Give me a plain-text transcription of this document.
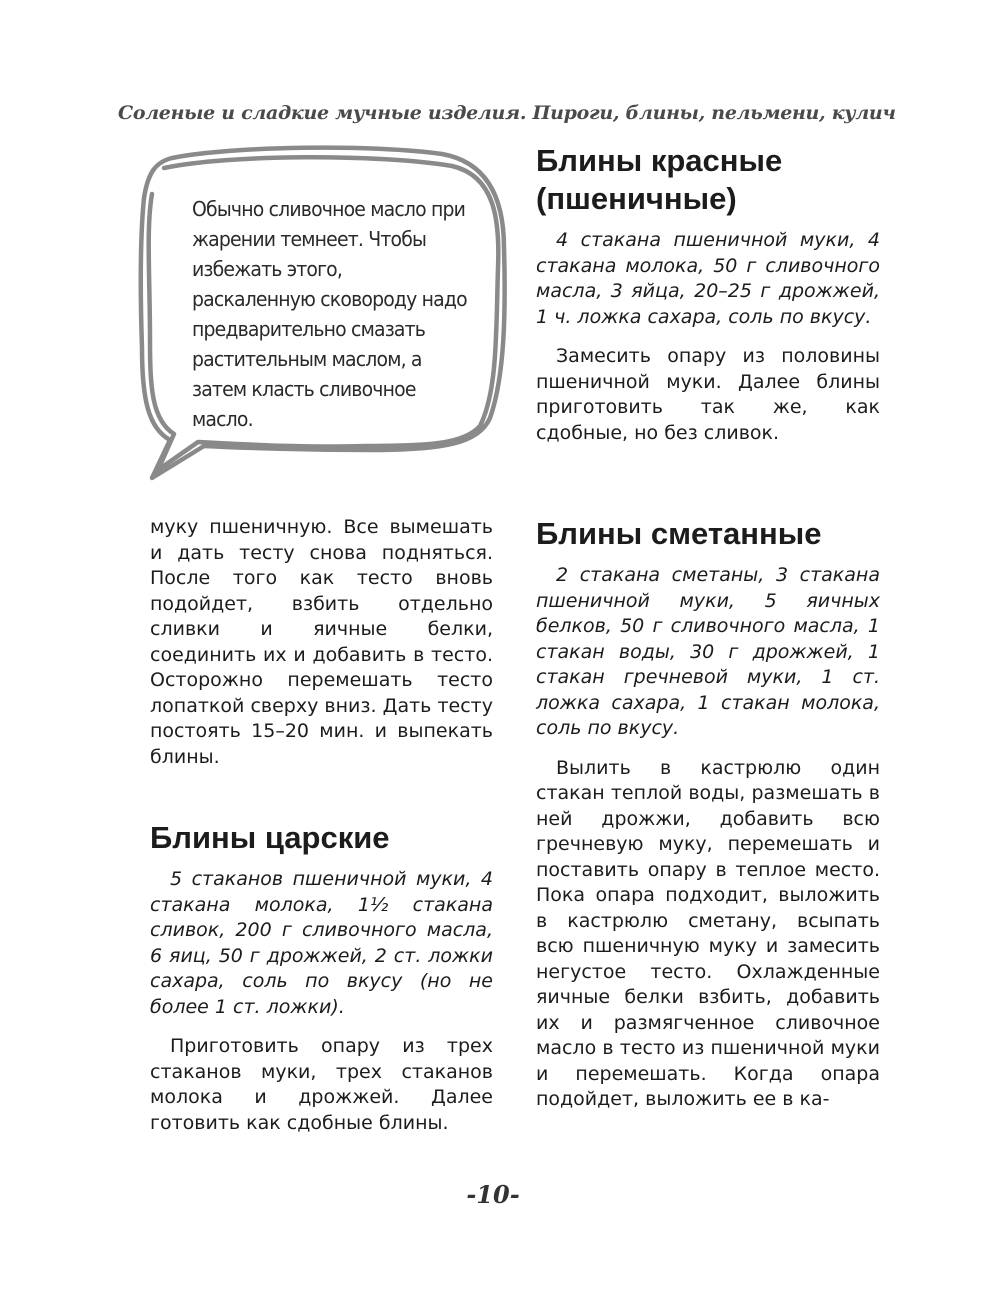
Соленые и сладкие мучные изделия. Пироги, блины, пельмени, кулич

Обычно сливочное масло при жарении темнеет. Чтобы избежать этого, раскаленную сковороду надо предварительно смазать растительным маслом, а затем класть сливочное масло.

муку пшеничную. Все вымешать и дать тесту снова подняться. После того как тесто вновь подойдет, взбить отдельно сливки и яичные белки, соединить их и добавить в тесто. Осторожно перемешать тесто лопаткой сверху вниз. Дать тесту постоять 15–20 мин. и выпекать блины.

Блины царские

5 стаканов пшеничной муки, 4 стакана молока, 1½ стакана сливок, 200 г сливочного масла, 6 яиц, 50 г дрожжей, 2 ст. ложки сахара, соль по вкусу (но не более 1 ст. ложки).

Приготовить опару из трех стаканов муки, трех стаканов молока и дрожжей. Далее готовить как сдобные блины.

Блины красные (пшеничные)

4 стакана пшеничной муки, 4 стакана молока, 50 г сливочного масла, 3 яйца, 20–25 г дрожжей, 1 ч. ложка сахара, соль по вкусу.

Замесить опару из половины пшеничной муки. Далее блины приготовить так же, как сдобные, но без сливок.

Блины сметанные

2 стакана сметаны, 3 стакана пшеничной муки, 5 яичных белков, 50 г сливочного масла, 1 стакан воды, 30 г дрожжей, 1 стакан гречневой муки, 1 ст. ложка сахара, 1 стакан молока, соль по вкусу.

Вылить в кастрюлю один стакан теплой воды, размешать в ней дрожжи, добавить всю гречневую муку, перемешать и поставить опару в теплое место. Пока опара подходит, выложить в кастрюлю сметану, всыпать всю пшеничную муку и замесить негустое тесто. Охлажденные яичные белки взбить, добавить их и размягченное сливочное масло в тесто из пшеничной муки и перемешать. Когда опара подойдет, выложить ее в ка-

-10-
